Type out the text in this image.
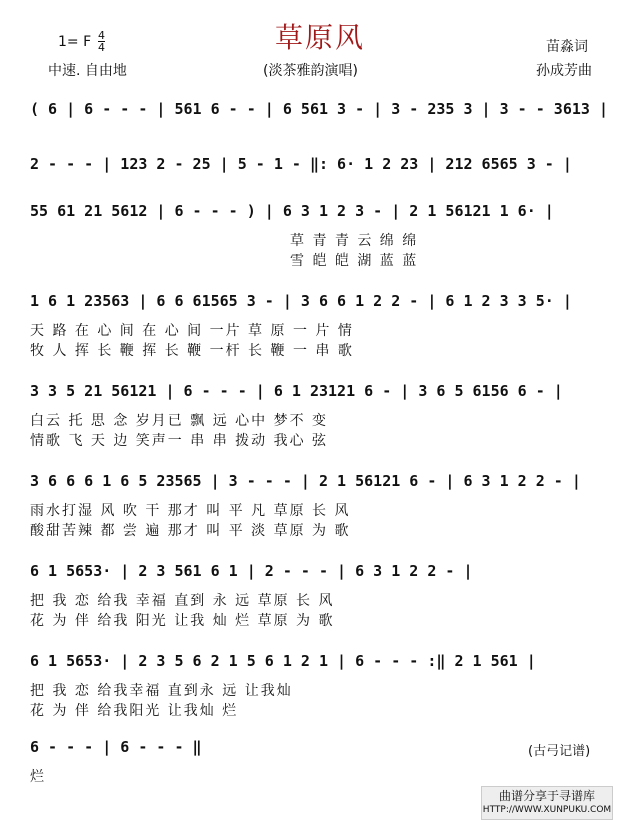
草原风
1= F 4
4
中速. 自由地	(淡茶雅韵演唱)
苗淼词
孙成芳曲
( 6 | 6 - - - | 561 6 - - | 6 561 3 - | 3 - 235 3 | 3 - - 3613 |
2 - - - | 123 2 - 25 | 5 - 1 - ‖: 6· 1 2 23 | 212 6565 3 - |
55 61 21 5612 | 6 - - - ) | 6 3 1 2 3 - | 2 1 56121 1 6· |
草 青 青 云 绵 绵
雪 皑 皑 湖 蓝 蓝
1 6 1 23563 | 6 6 61565 3 - | 3 6 6 1 2 2 - | 6 1 2 3 3 5· |
天 路 在 心 间 在 心 间 一片 草 原 一 片 情
牧 人 挥 长 鞭 挥 长 鞭 一杆 长 鞭 一 串 歌
3 3 5 21 56121 | 6 - - - | 6 1 23121 6 - | 3 6 5 6156 6 - |
白云 托 思 念 岁月已 飘 远 心中 梦不 变
情歌 飞 天 边 笑声一 串 串 拨动 我心 弦
3 6 6 6 1 6 5 23565 | 3 - - - | 2 1 56121 6 - | 6 3 1 2 2 - |
雨水打湿 风 吹 干 那才 叫 平 凡 草原 长 风
酸甜苦辣 都 尝 遍 那才 叫 平 淡 草原 为 歌
6 1 5653· | 2 3 561 6 1 | 2 - - - | 6 3 1 2 2 - |
把 我 恋 给我 幸福 直到 永 远 草原 长 风
花 为 伴 给我 阳光 让我 灿 烂 草原 为 歌
6 1 5653· | 2 3 5 6 2 1 5 6 1 2 1 | 6 - - - :‖ 2 1 561 |
把 我 恋 给我幸福 直到永 远 让我灿
花 为 伴 给我阳光 让我灿 烂
6 - - - | 6 - - - ‖
烂
(古弓记谱)
曲谱分享于寻谱库
HTTP://WWW.XUNPUKU.COM
